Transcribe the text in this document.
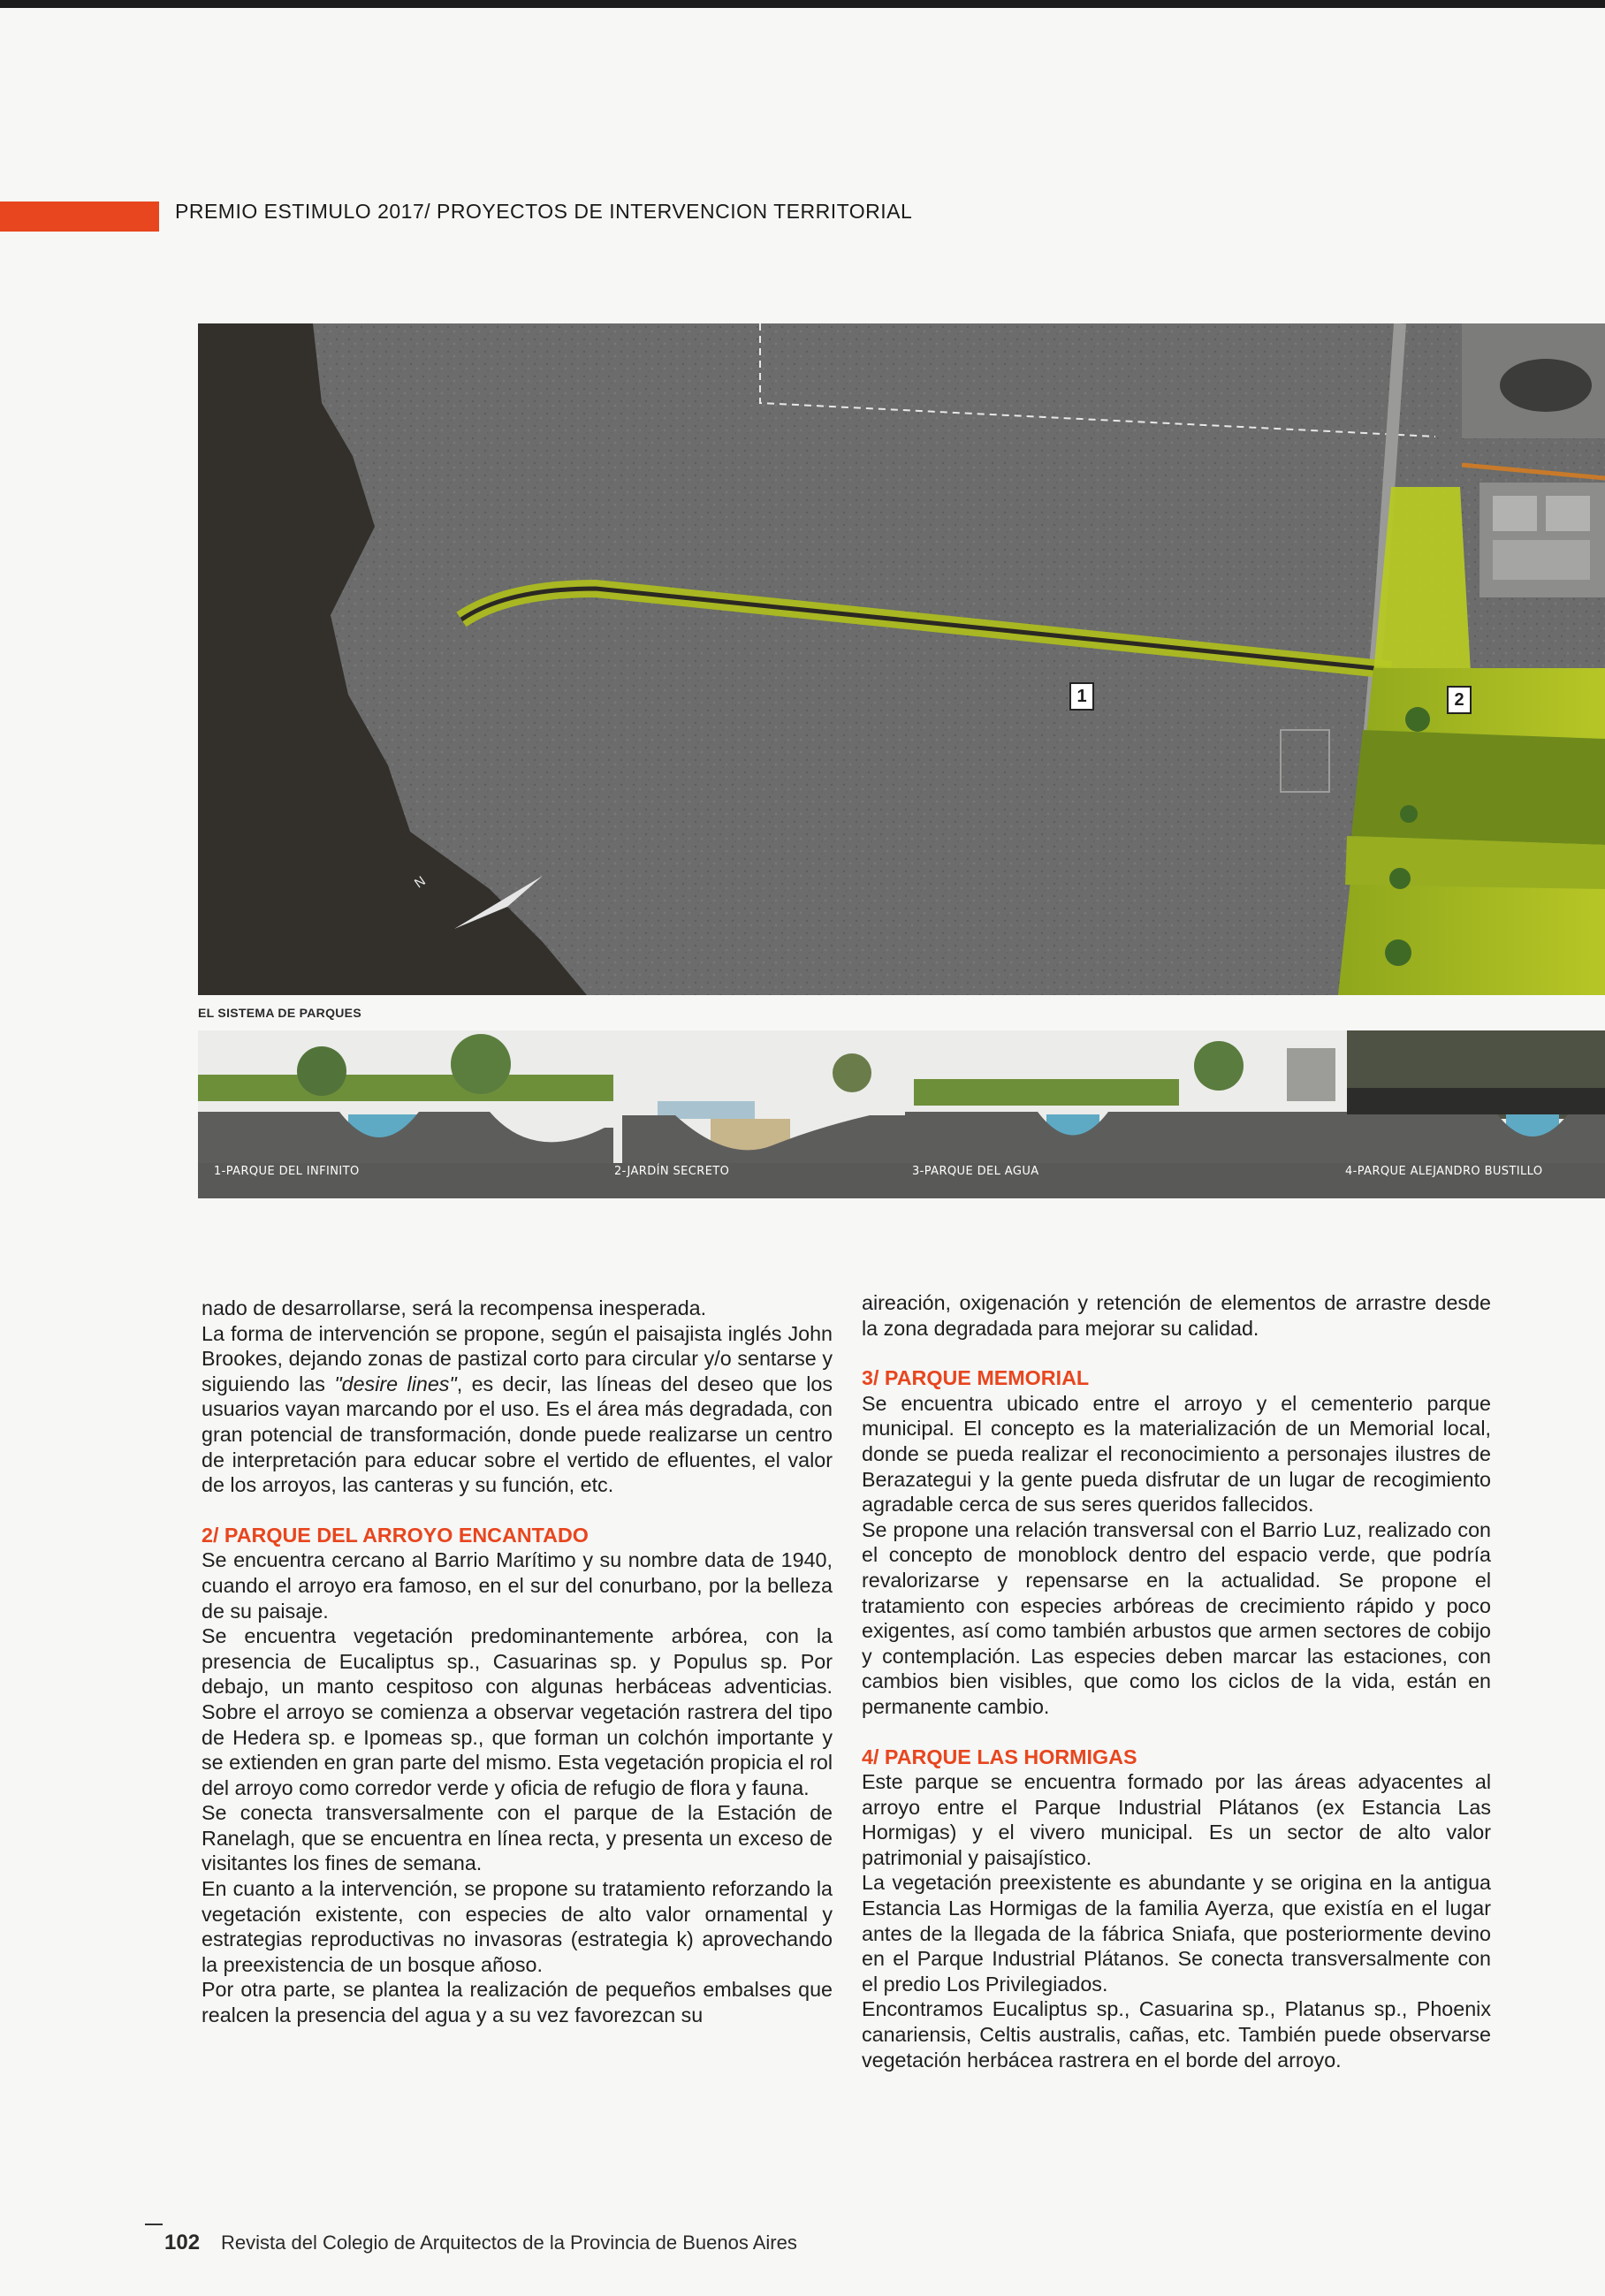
PREMIO ESTIMULO 2017/ PROYECTOS DE INTERVENCION TERRITORIAL
1	2
N
EL SISTEMA DE PARQUES
1-PARQUE DEL INFINITO	2-JARDÍN SECRETO	3-PARQUE DEL AGUA	4-PARQUE ALEJANDRO BUSTILLO

nado de desarrollarse, será la recompensa inesperada.

La forma de intervención se propone, según el paisajista inglés John Brookes, dejando zonas de pastizal corto para circular y/o sentarse y siguiendo las "desire lines", es decir, las líneas del deseo que los usuarios vayan marcando por el uso. Es el área más degradada, con gran potencial de transformación, donde puede realizarse un centro de interpretación para educar sobre el vertido de efluentes, el valor de los arroyos, las canteras y su función, etc.

2/ PARQUE DEL ARROYO ENCANTADO

Se encuentra cercano al Barrio Marítimo y su nombre data de 1940, cuando el arroyo era famoso, en el sur del conurbano, por la belleza de su paisaje.

Se encuentra vegetación predominantemente arbórea, con la presencia de Eucaliptus sp., Casuarinas sp. y Populus sp. Por debajo, un manto cespitoso con algunas herbáceas adventicias. Sobre el arroyo se comienza a observar vegetación rastrera del tipo de Hedera sp. e Ipomeas sp., que forman un colchón importante y se extienden en gran parte del mismo. Esta vegetación propicia el rol del arroyo como corredor verde y oficia de refugio de flora y fauna.

Se conecta transversalmente con el parque de la Estación de Ranelagh, que se encuentra en línea recta, y presenta un exceso de visitantes los fines de semana.

En cuanto a la intervención, se propone su tratamiento reforzando la vegetación existente, con especies de alto valor ornamental y estrategias reproductivas no invasoras (estrategia k) aprovechando la preexistencia de un bosque añoso.

Por otra parte, se plantea la realización de pequeños embalses que realcen la presencia del agua y a su vez favorezcan su

aireación, oxigenación y retención de elementos de arrastre desde la zona degradada para mejorar su calidad.

3/ PARQUE MEMORIAL

Se encuentra ubicado entre el arroyo y el cementerio parque municipal. El concepto es la materialización de un Memorial local, donde se pueda realizar el reconocimiento a personajes ilustres de Berazategui y la gente pueda disfrutar de un lugar de recogimiento agradable cerca de sus seres queridos fallecidos.

Se propone una relación transversal con el Barrio Luz, realizado con el concepto de monoblock dentro del espacio verde, que podría revalorizarse y repensarse en la actualidad. Se propone el tratamiento con especies arbóreas de crecimiento rápido y poco exigentes, así como también arbustos que armen sectores de cobijo y contemplación. Las especies deben marcar las estaciones, con cambios bien visibles, que como los ciclos de la vida, están en permanente cambio.

4/ PARQUE LAS HORMIGAS

Este parque se encuentra formado por las áreas adyacentes al arroyo entre el Parque Industrial Plátanos (ex Estancia Las Hormigas) y el vivero municipal. Es un sector de alto valor patrimonial y paisajístico.

La vegetación preexistente es abundante y se origina en la antigua Estancia Las Hormigas de la familia Ayerza, que existía en el lugar antes de la llegada de la fábrica Sniafa, que posteriormente devino en el Parque Industrial Plátanos. Se conecta transversalmente con el predio Los Privilegiados.

Encontramos Eucaliptus sp., Casuarina sp., Platanus sp., Phoenix canariensis, Celtis australis, cañas, etc. También puede observarse vegetación herbácea rastrera en el borde del arroyo.

102 Revista del Colegio de Arquitectos de la Provincia de Buenos Aires
